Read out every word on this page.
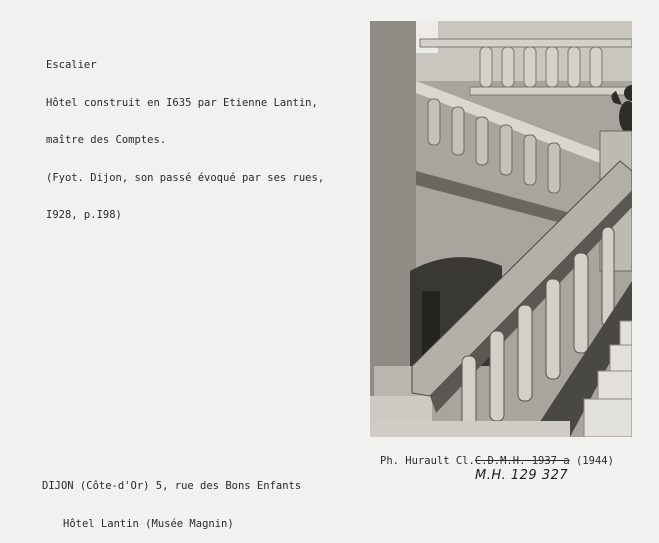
Escalier

Hôtel construit en I635 par Etienne Lantin,

maître des Comptes.

(Fyot. Dijon, son passé évoqué par ses rues,

I928, p.I98)

DIJON (Côte-d'Or) 5, rue des Bons Enfants

Hôtel Lantin (Musée Magnin)

Ph. Hurault Cl.C.D.M.H. 1937 a (1944)
M.H. 129 327
